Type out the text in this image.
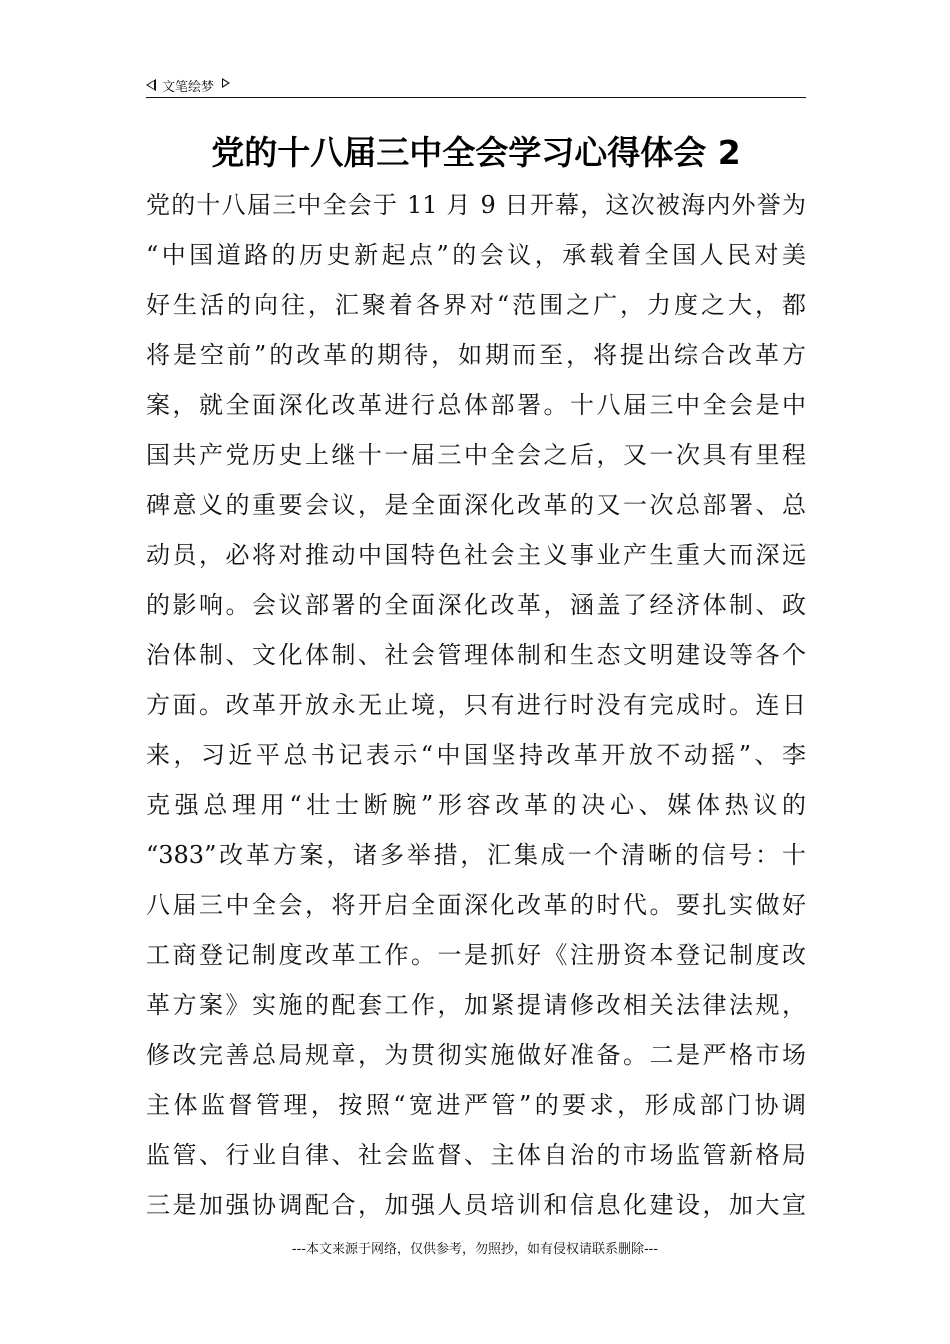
文笔绘梦
党的十八届三中全会学习心得体会 2
党的十八届三中全会于 11 月 9 日开幕，这次被海内外誉为
“中国道路的历史新起点”的会议，承载着全国人民对美
好生活的向往，汇聚着各界对“范围之广，力度之大，都
将是空前”的改革的期待，如期而至，将提出综合改革方
案，就全面深化改革进行总体部署。十八届三中全会是中
国共产党历史上继十一届三中全会之后，又一次具有里程
碑意义的重要会议，是全面深化改革的又一次总部署、总
动员，必将对推动中国特色社会主义事业产生重大而深远
的影响。会议部署的全面深化改革，涵盖了经济体制、政
治体制、文化体制、社会管理体制和生态文明建设等各个
方面。改革开放永无止境，只有进行时没有完成时。连日
来，习近平总书记表示“中国坚持改革开放不动摇”、李
克强总理用“壮士断腕”形容改革的决心、媒体热议的
“383”改革方案，诸多举措，汇集成一个清晰的信号：十
八届三中全会，将开启全面深化改革的时代。要扎实做好
工商登记制度改革工作。一是抓好《注册资本登记制度改
革方案》实施的配套工作，加紧提请修改相关法律法规，
修改完善总局规章，为贯彻实施做好准备。二是严格市场
主体监督管理，按照“宽进严管”的要求，形成部门协调
监管、行业自律、社会监督、主体自治的市场监管新格局
三是加强协调配合，加强人员培训和信息化建设，加大宣
---本文来源于网络，仅供参考，勿照抄，如有侵权请联系删除---
